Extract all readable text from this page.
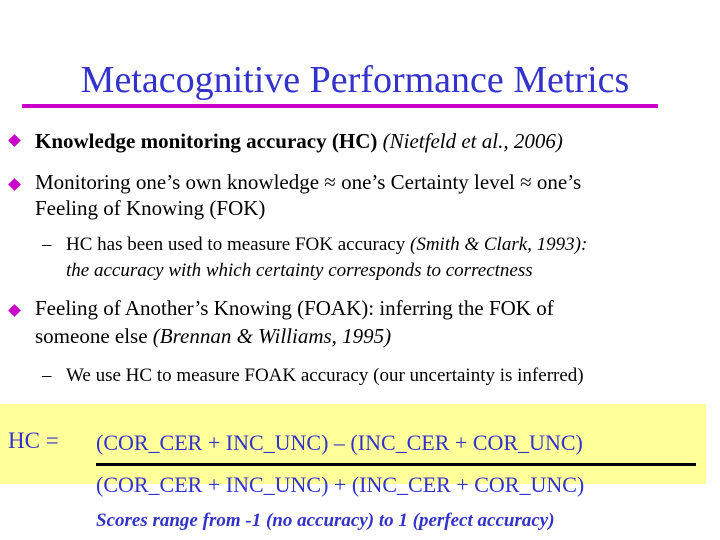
Metacognitive Performance Metrics
Knowledge monitoring accuracy (HC) (Nietfeld et al., 2006)
Monitoring one’s own knowledge ≈ one’s Certainty level ≈ one’s
Feeling of Knowing (FOK)
– HC has been used to measure FOK accuracy (Smith & Clark, 1993):
the accuracy with which certainty corresponds to correctness
Feeling of Another’s Knowing (FOAK): inferring the FOK of
someone else (Brennan & Williams, 1995)
– We use HC to measure FOAK accuracy (our uncertainty is inferred)
HC = (COR_CER + INC_UNC) – (INC_CER + COR_UNC)
(COR_CER + INC_UNC) + (INC_CER + COR_UNC)
Scores range from -1 (no accuracy) to 1 (perfect accuracy)
